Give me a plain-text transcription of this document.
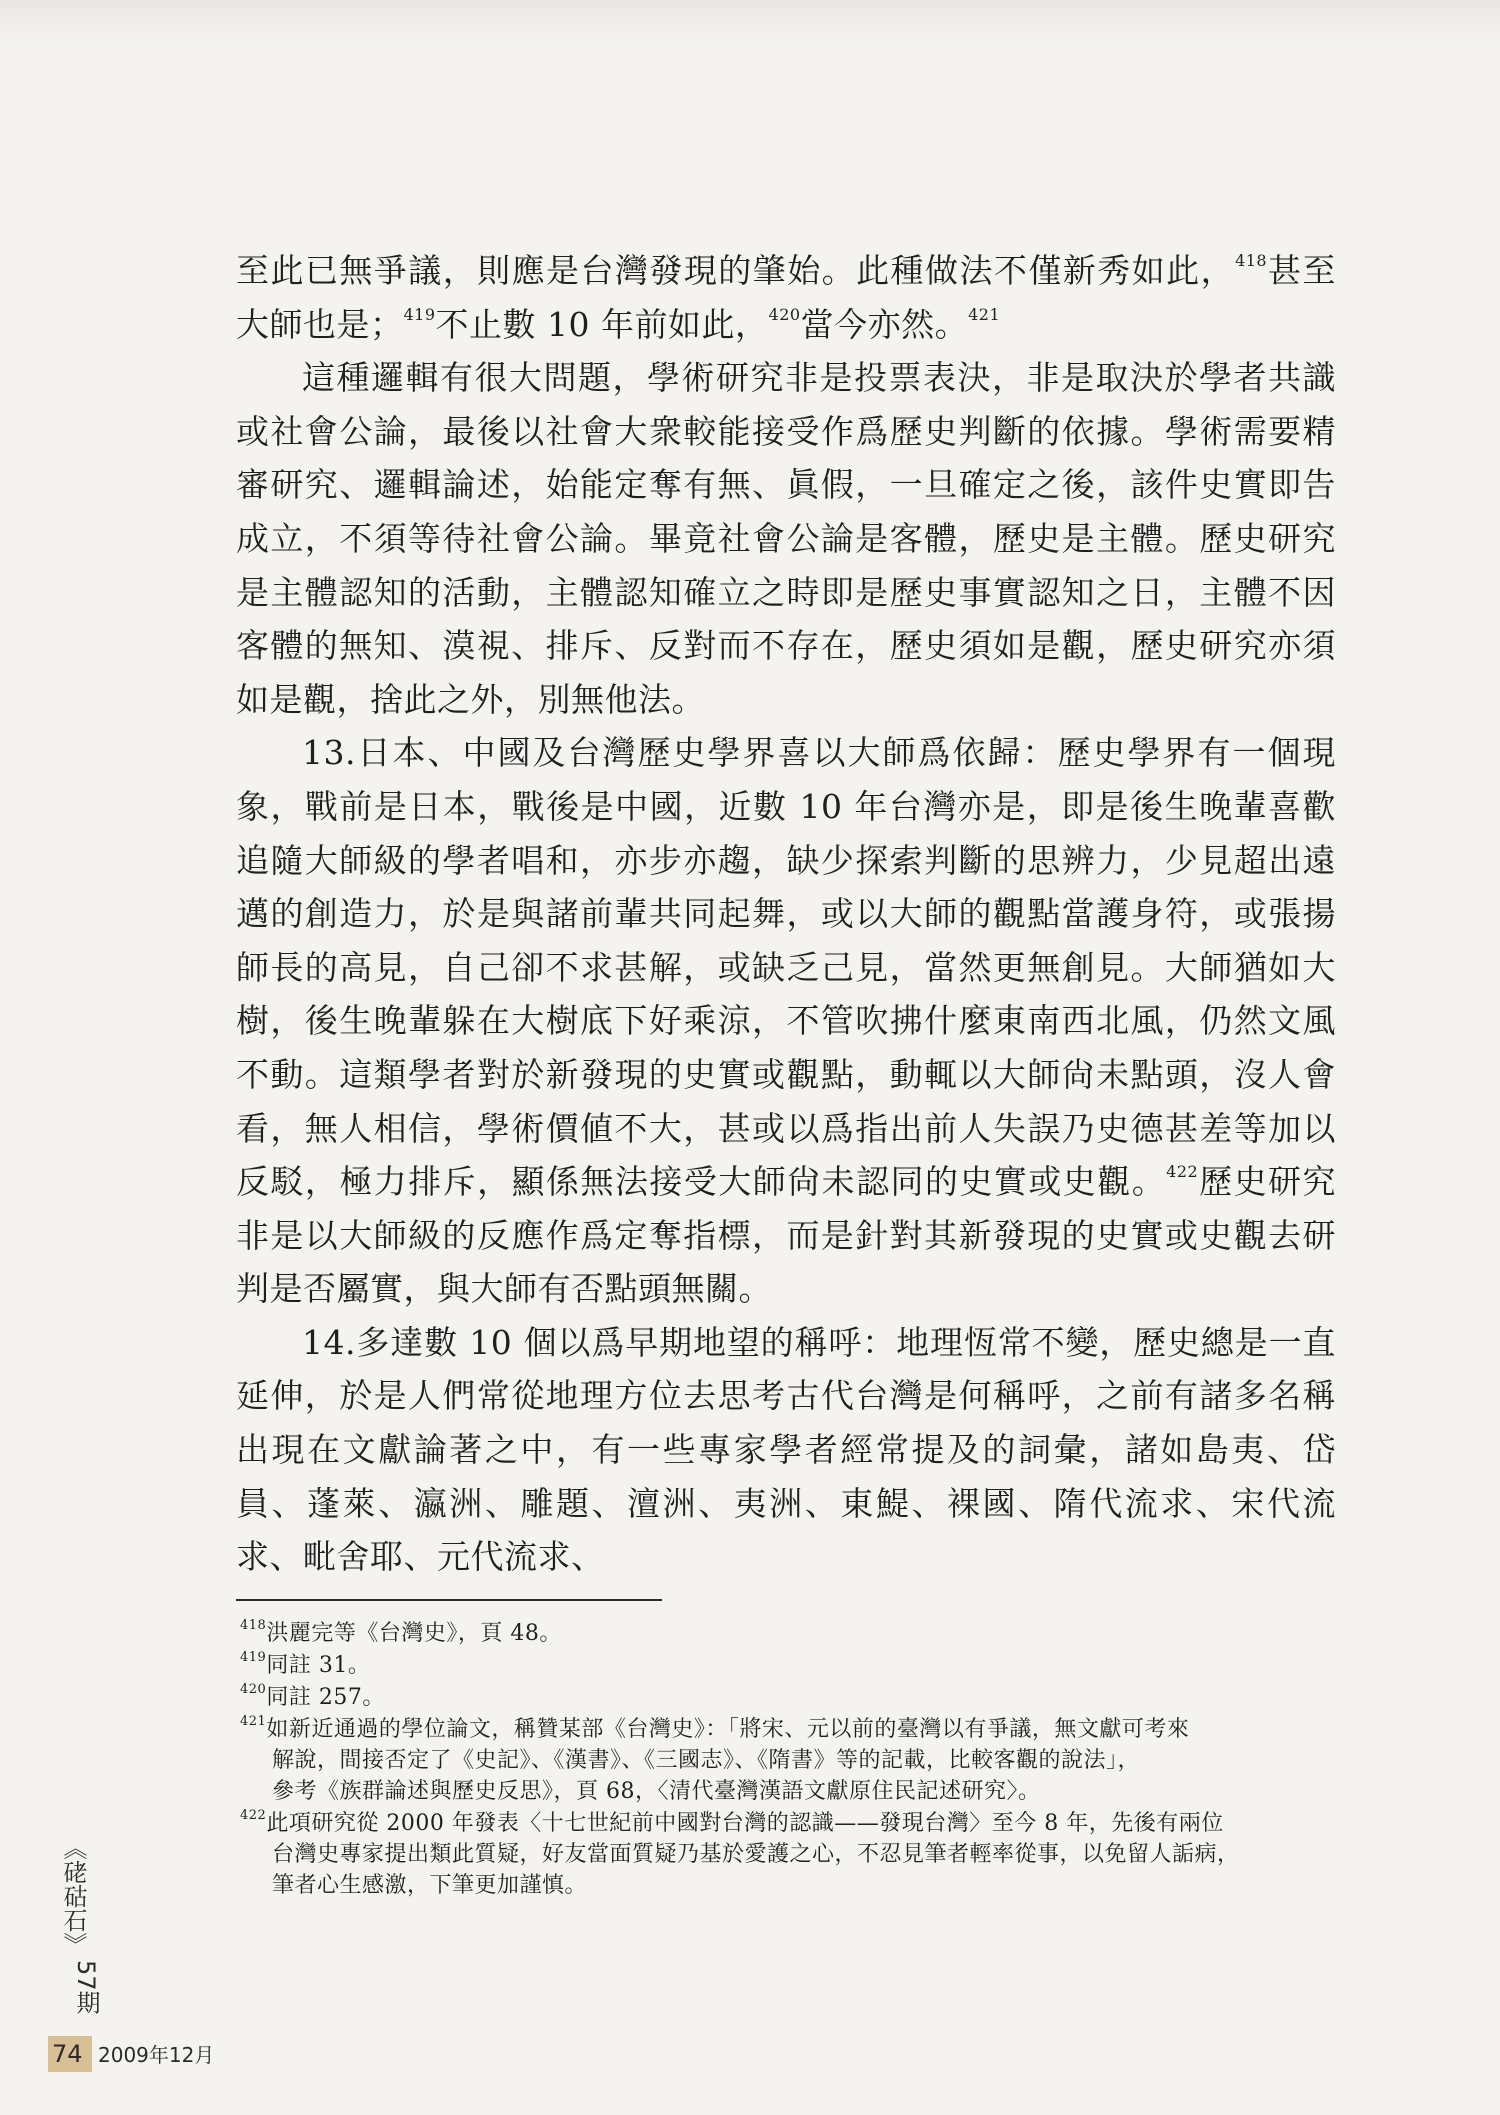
至此已無爭議，則應是台灣發現的肇始。此種做法不僅新秀如此，$^{418}$甚至大師也是；$^{419}$不止數 10 年前如此，$^{420}$當今亦然。$^{421}$

這種邏輯有很大問題，學術研究非是投票表決，非是取決於學者共識或社會公論，最後以社會大衆較能接受作爲歷史判斷的依據。學術需要精審研究、邏輯論述，始能定奪有無、眞假，一旦確定之後，該件史實即告成立，不須等待社會公論。畢竟社會公論是客體，歷史是主體。歷史研究是主體認知的活動，主體認知確立之時即是歷史事實認知之日，主體不因客體的無知、漠視、排斥、反對而不存在，歷史須如是觀，歷史研究亦須如是觀，捨此之外，別無他法。

13.日本、中國及台灣歷史學界喜以大師爲依歸：歷史學界有一個現象，戰前是日本，戰後是中國，近數 10 年台灣亦是，即是後生晚輩喜歡追隨大師級的學者唱和，亦步亦趨，缺少探索判斷的思辨力，少見超出遠邁的創造力，於是與諸前輩共同起舞，或以大師的觀點當護身符，或張揚師長的高見，自己卻不求甚解，或缺乏己見，當然更無創見。大師猶如大樹，後生晚輩躲在大樹底下好乘涼，不管吹拂什麼東南西北風，仍然文風不動。這類學者對於新發現的史實或觀點，動輒以大師尙未點頭，沒人會看，無人相信，學術價値不大，甚或以爲指出前人失誤乃史德甚差等加以反駁，極力排斥，顯係無法接受大師尙未認同的史實或史觀。$^{422}$歷史研究非是以大師級的反應作爲定奪指標，而是針對其新發現的史實或史觀去研判是否屬實，與大師有否點頭無關。

14.多達數 10 個以爲早期地望的稱呼：地理恆常不變，歷史總是一直延伸，於是人們常從地理方位去思考古代台灣是何稱呼，之前有諸多名稱出現在文獻論著之中，有一些專家學者經常提及的詞彙，諸如島夷、岱員、蓬萊、瀛洲、雕題、澶洲、夷洲、東鯷、裸國、隋代流求、宋代流求、毗舍耶、元代流求、

$^{418}$洪麗完等《台灣史》，頁 48。
$^{419}$同註 31。
$^{420}$同註 257。
$^{421}$如新近通過的學位論文，稱贊某部《台灣史》：「將宋、元以前的臺灣以有爭議，無文獻可考來
解說，間接否定了《史記》、《漢書》、《三國志》、《隋書》等的記載，比較客觀的說法」，
參考《族群論述與歷史反思》，頁 68，〈清代臺灣漢語文獻原住民記述研究〉。
$^{422}$此項研究從 2000 年發表〈十七世紀前中國對台灣的認識——發現台灣〉至今 8 年，先後有兩位
台灣史專家提出類此質疑，好友當面質疑乃基於愛護之心，不忍見筆者輕率從事，以免留人詬病，
筆者心生感激，下筆更加謹慎。
《硓𥑮石》
57期
74 2009年12月
